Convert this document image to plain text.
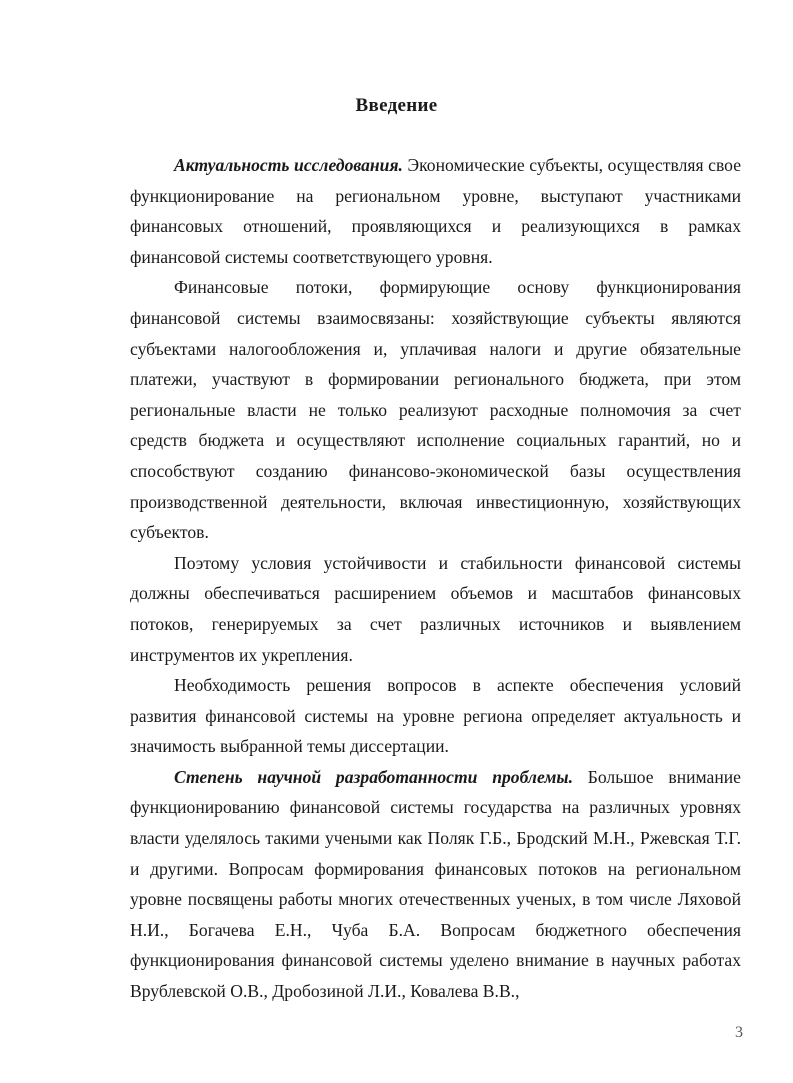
Введение

Актуальность исследования. Экономические субъекты, осуществляя свое функционирование на региональном уровне, выступают участниками финансовых отношений, проявляющихся и реализующихся в рамках финансовой системы соответствующего уровня.

Финансовые потоки, формирующие основу функционирования финансовой системы взаимосвязаны: хозяйствующие субъекты являются субъектами налогообложения и, уплачивая налоги и другие обязательные платежи, участвуют в формировании регионального бюджета, при этом региональные власти не только реализуют расходные полномочия за счет средств бюджета и осуществляют исполнение социальных гарантий, но и способствуют созданию финансово-экономической базы осуществления производственной деятельности, включая инвестиционную, хозяйствующих субъектов.

Поэтому условия устойчивости и стабильности финансовой системы должны обеспечиваться расширением объемов и масштабов финансовых потоков, генерируемых за счет различных источников и выявлением инструментов их укрепления.

Необходимость решения вопросов в аспекте обеспечения условий развития финансовой системы на уровне региона определяет актуальность и значимость выбранной темы диссертации.

Степень научной разработанности проблемы. Большое внимание функционированию финансовой системы государства на различных уровнях власти уделялось такими учеными как Поляк Г.Б., Бродский М.Н., Ржевская Т.Г. и другими. Вопросам формирования финансовых потоков на региональном уровне посвящены работы многих отечественных ученых, в том числе Ляховой Н.И., Богачева Е.Н., Чуба Б.А. Вопросам бюджетного обеспечения функционирования финансовой системы уделено внимание в научных работах Врублевской О.В., Дробозиной Л.И., Ковалева В.В.,

3
